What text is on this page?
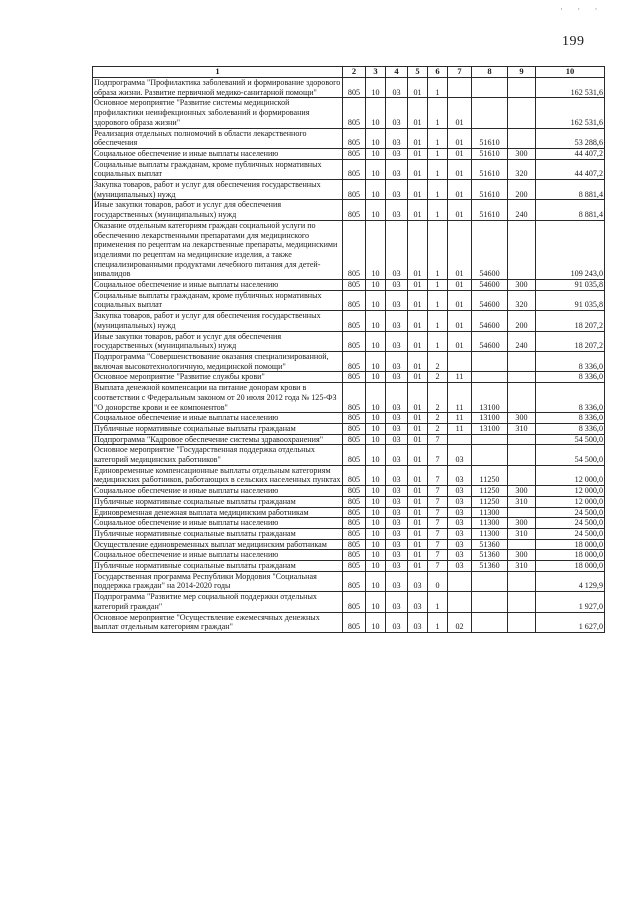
· · ·
199
1	2	3	4	5	6	7	8	9	10
Подпрограмма "Профилактика заболеваний и формирование здорового образа жизни. Развитие первичной медико-санитарной помощи"	805	10	03	01	1				162 531,6
Основное мероприятие "Развитие системы медицинской профилактики неинфекционных заболеваний и формирования здорового образа жизни"	805	10	03	01	1	01			162 531,6
Реализация отдельных полномочий в области лекарственного обеспечения	805	10	03	01	1	01	51610		53 288,6
Социальное обеспечение и иные выплаты населению	805	10	03	01	1	01	51610	300	44 407,2
Социальные выплаты гражданам, кроме публичных нормативных социальных выплат	805	10	03	01	1	01	51610	320	44 407,2
Закупка товаров, работ и услуг для обеспечения государственных (муниципальных) нужд	805	10	03	01	1	01	51610	200	8 881,4
Иные закупки товаров, работ и услуг для обеспечения государственных (муниципальных) нужд	805	10	03	01	1	01	51610	240	8 881,4
Оказание отдельным категориям граждан социальной услуги по обеспечению лекарственными препаратами для медицинского применения по рецептам на лекарственные препараты, медицинскими изделиями по рецептам на медицинские изделия, а также специализированными продуктами лечебного питания для детей-инвалидов	805	10	03	01	1	01	54600		109 243,0
Социальное обеспечение и иные выплаты населению	805	10	03	01	1	01	54600	300	91 035,8
Социальные выплаты гражданам, кроме публичных нормативных социальных выплат	805	10	03	01	1	01	54600	320	91 035,8
Закупка товаров, работ и услуг для обеспечения государственных (муниципальных) нужд	805	10	03	01	1	01	54600	200	18 207,2
Иные закупки товаров, работ и услуг для обеспечения государственных (муниципальных) нужд	805	10	03	01	1	01	54600	240	18 207,2
Подпрограмма "Совершенствование оказания специализированной, включая высокотехнологичную, медицинской помощи"	805	10	03	01	2				8 336,0
Основное мероприятие "Развитие службы крови"	805	10	03	01	2	11			8 336,0
Выплата денежной компенсации на питание донорам крови в соответствии с Федеральным законом от 20 июля 2012 года № 125-ФЗ "О донорстве крови и ее компонентов"	805	10	03	01	2	11	13100		8 336,0
Социальное обеспечение и иные выплаты населению	805	10	03	01	2	11	13100	300	8 336,0
Публичные нормативные социальные выплаты гражданам	805	10	03	01	2	11	13100	310	8 336,0
Подпрограмма "Кадровое обеспечение системы здравоохранения"	805	10	03	01	7				54 500,0
Основное мероприятие "Государственная поддержка отдельных категорий медицинских работников"	805	10	03	01	7	03			54 500,0
Единовременные компенсационные выплаты отдельным категориям медицинских работников, работающих в сельских населенных пунктах	805	10	03	01	7	03	11250		12 000,0
Социальное обеспечение и иные выплаты населению	805	10	03	01	7	03	11250	300	12 000,0
Публичные нормативные социальные выплаты гражданам	805	10	03	01	7	03	11250	310	12 000,0
Единовременная денежная выплата медицинским работникам	805	10	03	01	7	03	11300		24 500,0
Социальное обеспечение и иные выплаты населению	805	10	03	01	7	03	11300	300	24 500,0
Публичные нормативные социальные выплаты гражданам	805	10	03	01	7	03	11300	310	24 500,0
Осуществление единовременных выплат медицинским работникам	805	10	03	01	7	03	51360		18 000,0
Социальное обеспечение и иные выплаты населению	805	10	03	01	7	03	51360	300	18 000,0
Публичные нормативные социальные выплаты гражданам	805	10	03	01	7	03	51360	310	18 000,0
Государственная программа Республики Мордовия "Социальная поддержка граждан" на 2014-2020 годы	805	10	03	03	0				4 129,9
Подпрограмма "Развитие мер социальной поддержки отдельных категорий граждан"	805	10	03	03	1				1 927,0
Основное мероприятие "Осуществление ежемесячных денежных выплат отдельным категориям граждан"	805	10	03	03	1	02			1 627,0
